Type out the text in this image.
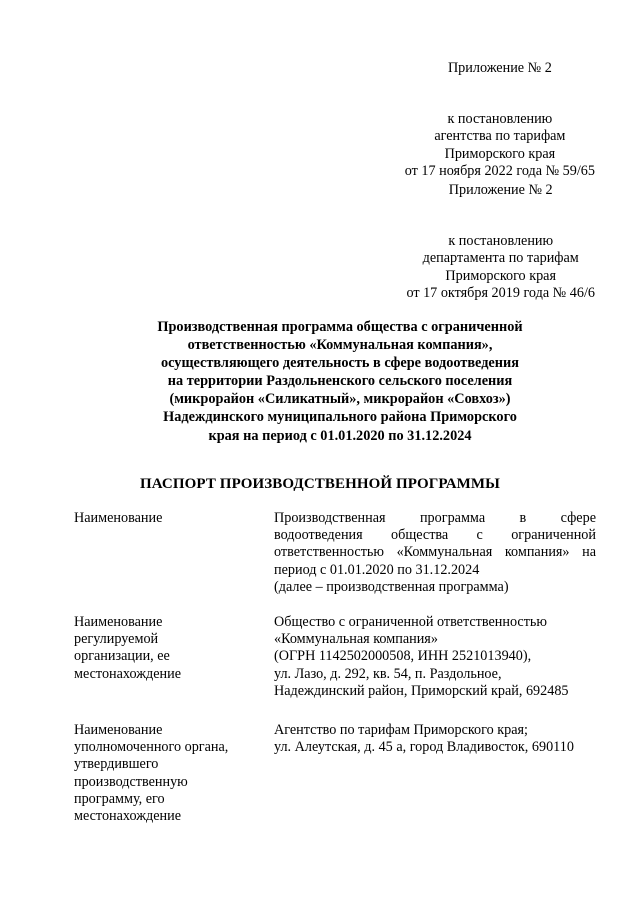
Приложение № 2
к постановлению
агентства по тарифам
Приморского края
от 17 ноября 2022 года № 59/65
Приложение № 2
к постановлению
департамента по тарифам
Приморского края
от 17 октября 2019 года № 46/6
Производственная программа общества с ограниченной
ответственностью «Коммунальная компания»,
осуществляющего деятельность в сфере водоотведения
на территории Раздольненского сельского поселения
(микрорайон «Силикатный», микрорайон «Совхоз»)
Надеждинского муниципального района Приморского
края на период с 01.01.2020 по 31.12.2024
ПАСПОРТ ПРОИЗВОДСТВЕННОЙ ПРОГРАММЫ
Наименование	Производственная программа в сфере
водоотведения общества с ограниченной
ответственностью «Коммунальная компания» на
период с 01.01.2020 по 31.12.2024
(далее – производственная программа)
Наименование
регулируемой
организации, ее
местонахождение
Общество с ограниченной ответственностью
«Коммунальная компания»
(ОГРН 1142502000508, ИНН 2521013940),
ул. Лазо, д. 292, кв. 54, п. Раздольное,
Надеждинский район, Приморский край, 692485
Наименование
уполномоченного органа,
утвердившего
производственную
программу, его
местонахождение
Агентство по тарифам Приморского края;
ул. Алеутская, д. 45 а, город Владивосток, 690110
